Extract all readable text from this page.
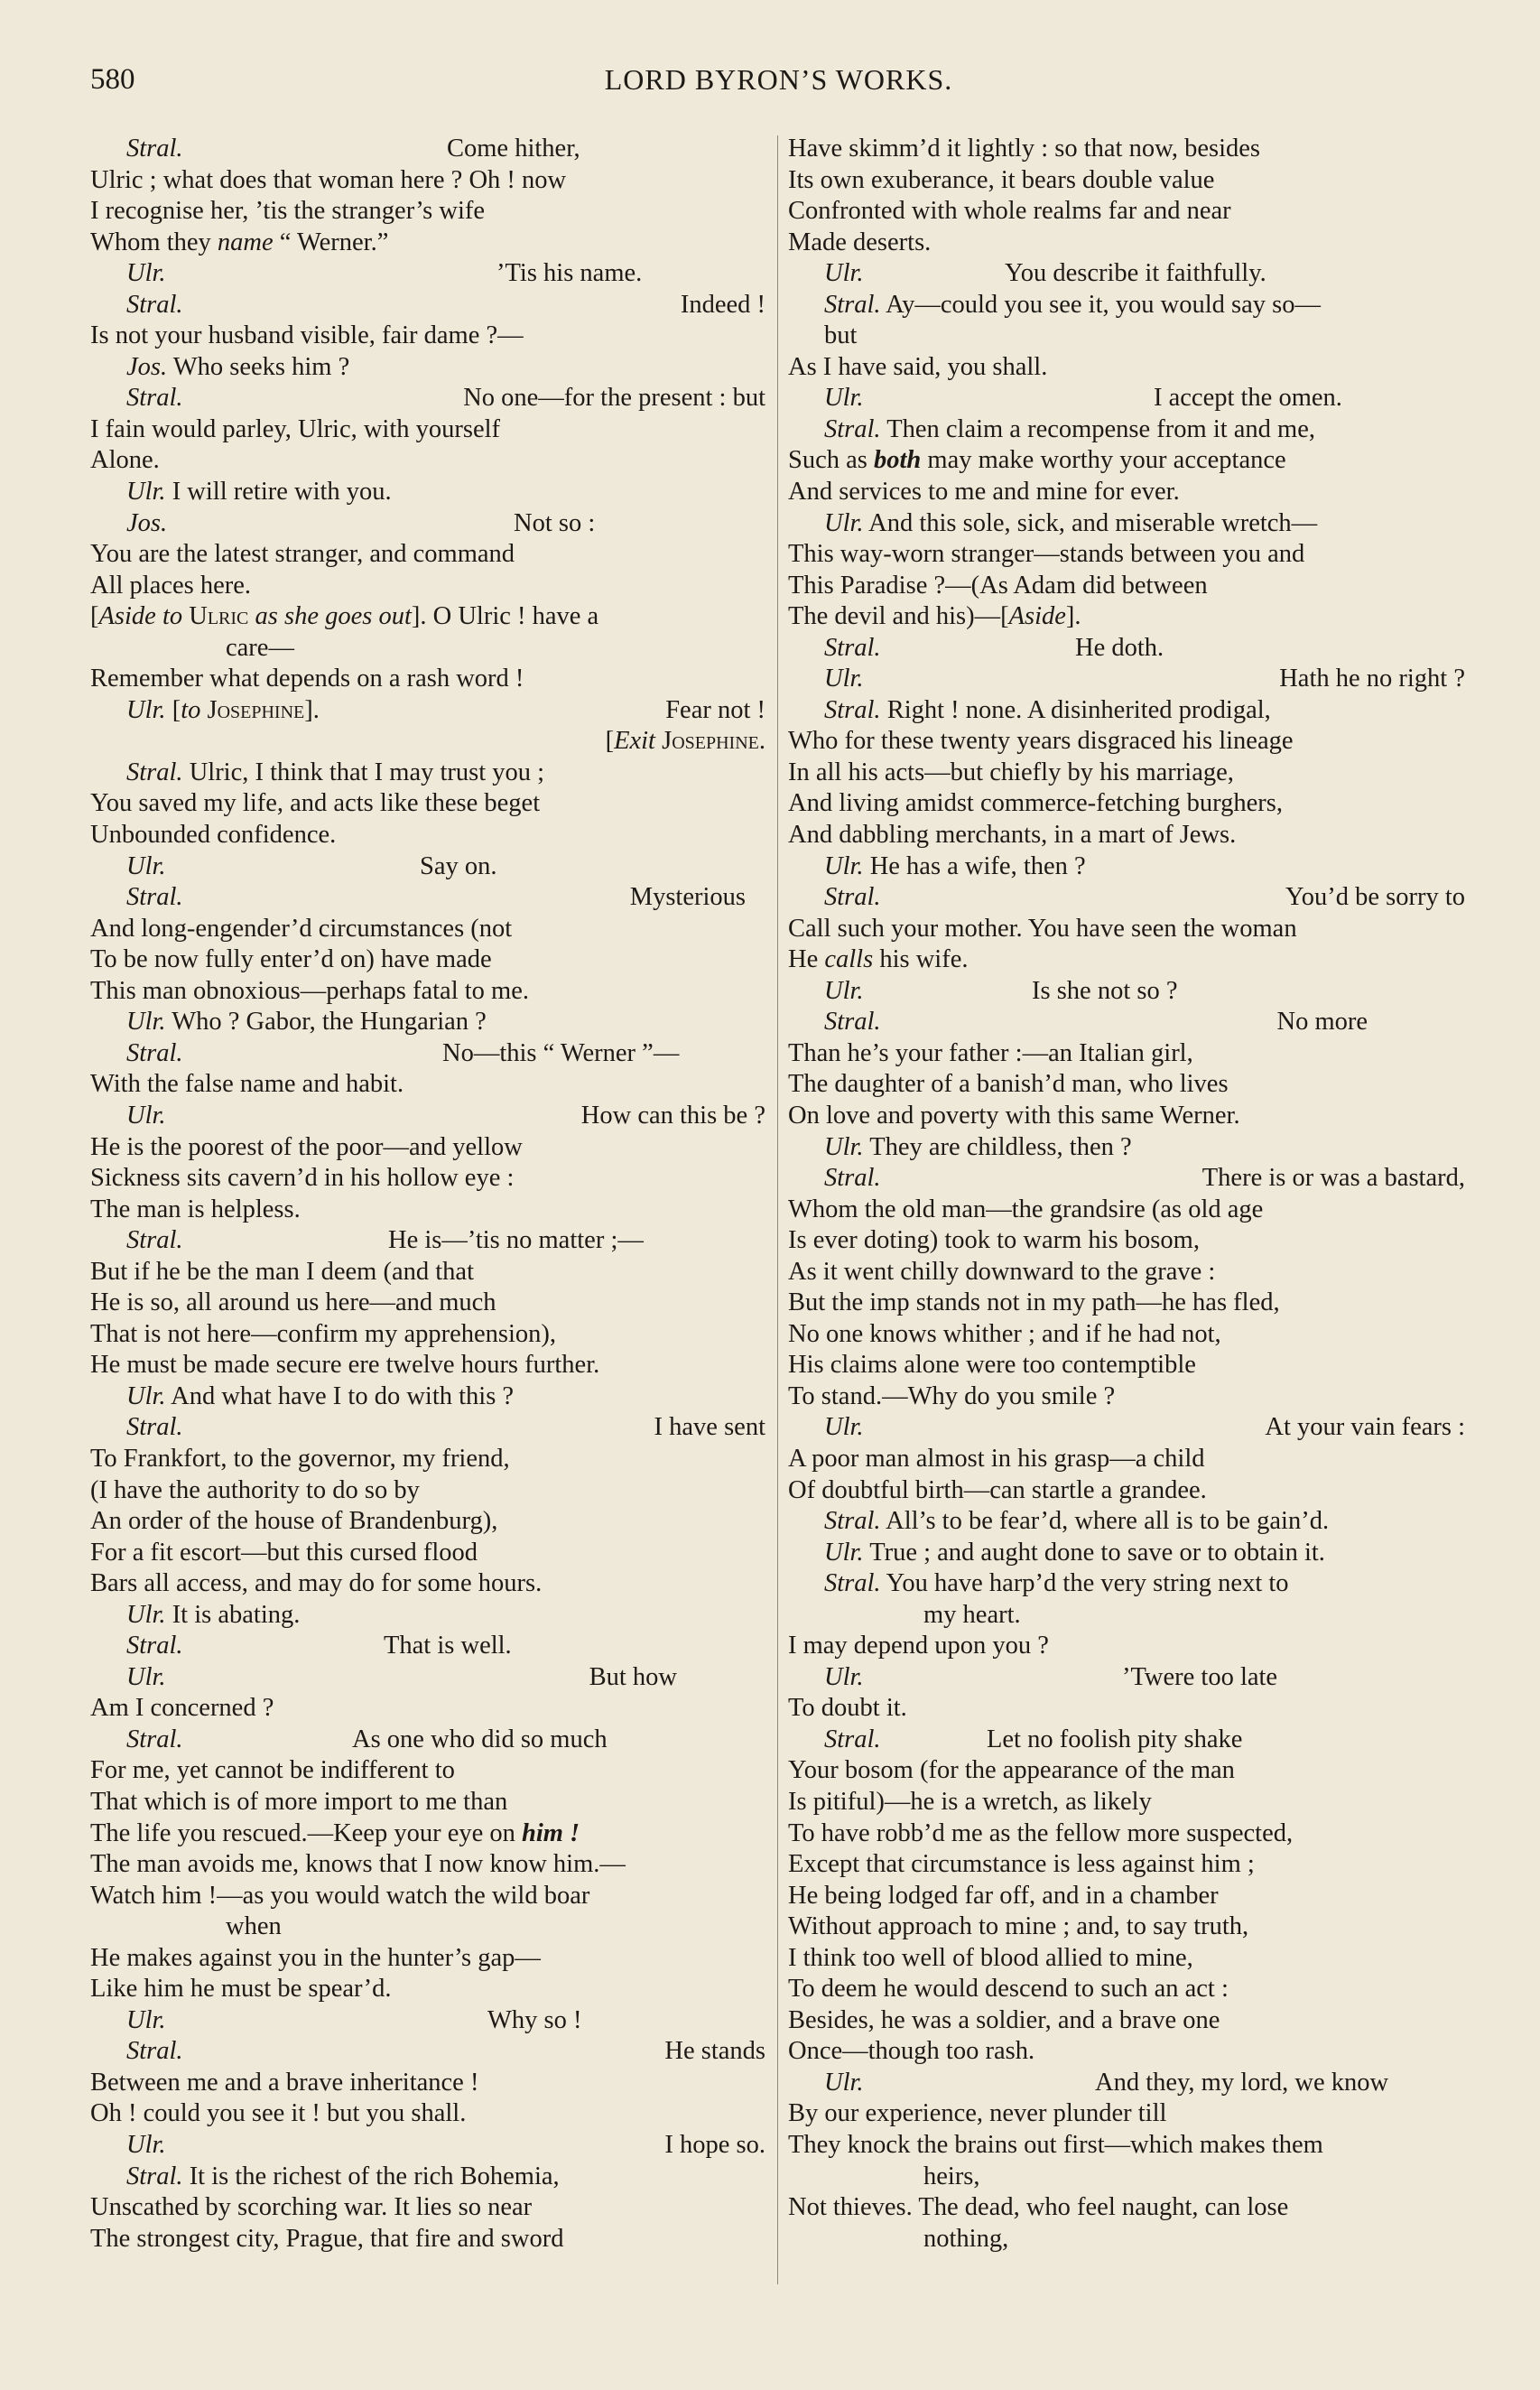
580	LORD BYRON’S WORKS.
Stral.	Come hither,
Ulric ; what does that woman here ? Oh ! now
I recognise her, ’tis the stranger’s wife
Whom they name “ Werner.”
Ulr.	’Tis his name.
Stral.	Indeed !
Is not your husband visible, fair dame ?—
Jos. Who seeks him ?
Stral.	No one—for the present : but
I fain would parley, Ulric, with yourself
Alone.
Ulr. I will retire with you.
Jos.	Not so :
You are the latest stranger, and command
All places here.
[Aside to Ulric as she goes out]. O Ulric ! have a
care—
Remember what depends on a rash word !
Ulr. [to Josephine].	Fear not !
[Exit Josephine.
Stral. Ulric, I think that I may trust you ;
You saved my life, and acts like these beget
Unbounded confidence.
Ulr.	Say on.
Stral.	Mysterious
And long-engender’d circumstances (not
To be now fully enter’d on) have made
This man obnoxious—perhaps fatal to me.
Ulr. Who ? Gabor, the Hungarian ?
Stral.	No—this “ Werner ”—
With the false name and habit.
Ulr.	How can this be ?
He is the poorest of the poor—and yellow
Sickness sits cavern’d in his hollow eye :
The man is helpless.
Stral.	He is—’tis no matter ;—
But if he be the man I deem (and that
He is so, all around us here—and much
That is not here—confirm my apprehension),
He must be made secure ere twelve hours further.
Ulr. And what have I to do with this ?
Stral.	I have sent
To Frankfort, to the governor, my friend,
(I have the authority to do so by
An order of the house of Brandenburg),
For a fit escort—but this cursed flood
Bars all access, and may do for some hours.
Ulr. It is abating.
Stral.	That is well.
Ulr.	But how
Am I concerned ?
Stral.	As one who did so much
For me, yet cannot be indifferent to
That which is of more import to me than
The life you rescued.—Keep your eye on him !
The man avoids me, knows that I now know him.—
Watch him !—as you would watch the wild boar
when
He makes against you in the hunter’s gap—
Like him he must be spear’d.
Ulr.	Why so !
Stral.	He stands
Between me and a brave inheritance !
Oh ! could you see it ! but you shall.
Ulr.	I hope so.
Stral. It is the richest of the rich Bohemia,
Unscathed by scorching war. It lies so near
The strongest city, Prague, that fire and sword
Have skimm’d it lightly : so that now, besides
Its own exuberance, it bears double value
Confronted with whole realms far and near
Made deserts.
Ulr.	You describe it faithfully.
Stral. Ay—could you see it, you would say so—
but
As I have said, you shall.
Ulr.	I accept the omen.
Stral. Then claim a recompense from it and me,
Such as both may make worthy your acceptance
And services to me and mine for ever.
Ulr. And this sole, sick, and miserable wretch—
This way-worn stranger—stands between you and
This Paradise ?—(As Adam did between
The devil and his)—[Aside].
Stral.	He doth.
Ulr.	Hath he no right ?
Stral. Right ! none. A disinherited prodigal,
Who for these twenty years disgraced his lineage
In all his acts—but chiefly by his marriage,
And living amidst commerce-fetching burghers,
And dabbling merchants, in a mart of Jews.
Ulr. He has a wife, then ?
Stral.	You’d be sorry to
Call such your mother. You have seen the woman
He calls his wife.
Ulr.	Is she not so ?
Stral.	No more
Than he’s your father :—an Italian girl,
The daughter of a banish’d man, who lives
On love and poverty with this same Werner.
Ulr. They are childless, then ?
Stral.	There is or was a bastard,
Whom the old man—the grandsire (as old age
Is ever doting) took to warm his bosom,
As it went chilly downward to the grave :
But the imp stands not in my path—he has fled,
No one knows whither ; and if he had not,
His claims alone were too contemptible
To stand.—Why do you smile ?
Ulr.	At your vain fears :
A poor man almost in his grasp—a child
Of doubtful birth—can startle a grandee.
Stral. All’s to be fear’d, where all is to be gain’d.
Ulr. True ; and aught done to save or to obtain it.
Stral. You have harp’d the very string next to
my heart.
I may depend upon you ?
Ulr.	’Twere too late
To doubt it.
Stral.	Let no foolish pity shake
Your bosom (for the appearance of the man
Is pitiful)—he is a wretch, as likely
To have robb’d me as the fellow more suspected,
Except that circumstance is less against him ;
He being lodged far off, and in a chamber
Without approach to mine ; and, to say truth,
I think too well of blood allied to mine,
To deem he would descend to such an act :
Besides, he was a soldier, and a brave one
Once—though too rash.
Ulr.	And they, my lord, we know
By our experience, never plunder till
They knock the brains out first—which makes them
heirs,
Not thieves. The dead, who feel naught, can lose
nothing,
